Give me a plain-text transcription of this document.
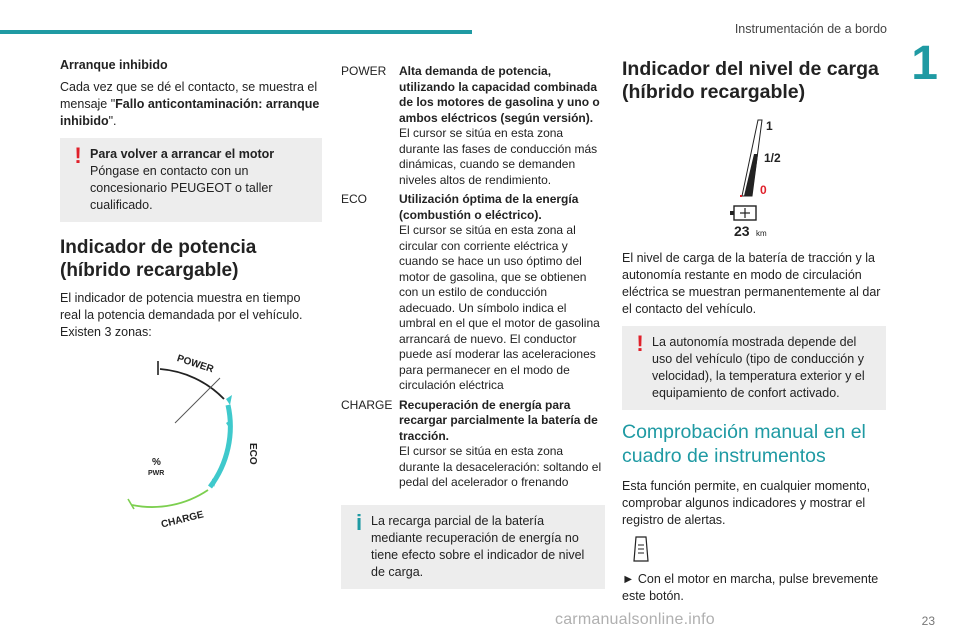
Instrumentación de a bordo
1
Arranque inhibido

Cada vez que se dé el contacto, se muestra el mensaje "Fallo anticontaminación: arranque inhibido".

! Para volver a arrancar el motor
Póngase en contacto con un concesionario PEUGEOT o taller cualificado.
Indicador de potencia (híbrido recargable)

El indicador de potencia muestra en tiempo real la potencia demandada por el vehículo.

Existen 3 zonas:

POWER
ECO
CHARGE
%
PWR
POWER	Alta demanda de potencia, utilizando la capacidad combinada de los motores de gasolina y uno o ambos eléctricos (según versión).
El cursor se sitúa en esta zona durante las fases de conducción más dinámicas, cuando se demanden niveles altos de rendimiento.
ECO	Utilización óptima de la energía (combustión o eléctrico).
El cursor se sitúa en esta zona al circular con corriente eléctrica y cuando se hace un uso óptimo del motor de gasolina, que se obtienen con un estilo de conducción adecuado. Un símbolo indica el umbral en el que el motor de gasolina arrancará de nuevo. El conductor puede así moderar las aceleraciones para permanecer en el modo de circulación eléctrica
CHARGE Recuperación de energía para recargar parcialmente la batería de tracción.
El cursor se sitúa en esta zona durante la desaceleración: soltando el pedal del acelerador o frenando
i La recarga parcial de la batería mediante recuperación de energía no tiene efecto sobre el indicador de nivel de carga.
Indicador del nivel de carga (híbrido recargable)
1
1/2
0
23 km

El nivel de carga de la batería de tracción y la autonomía restante en modo de circulación eléctrica se muestran permanentemente al dar el contacto del vehículo.

! La autonomía mostrada depende del uso del vehículo (tipo de conducción y velocidad), la temperatura exterior y el equipamiento de confort activado.
Comprobación manual en el cuadro de instrumentos

Esta función permite, en cualquier momento, comprobar algunos indicadores y mostrar el registro de alertas.

► Con el motor en marcha, pulse brevemente este botón.

carmanualsonline.info	23
